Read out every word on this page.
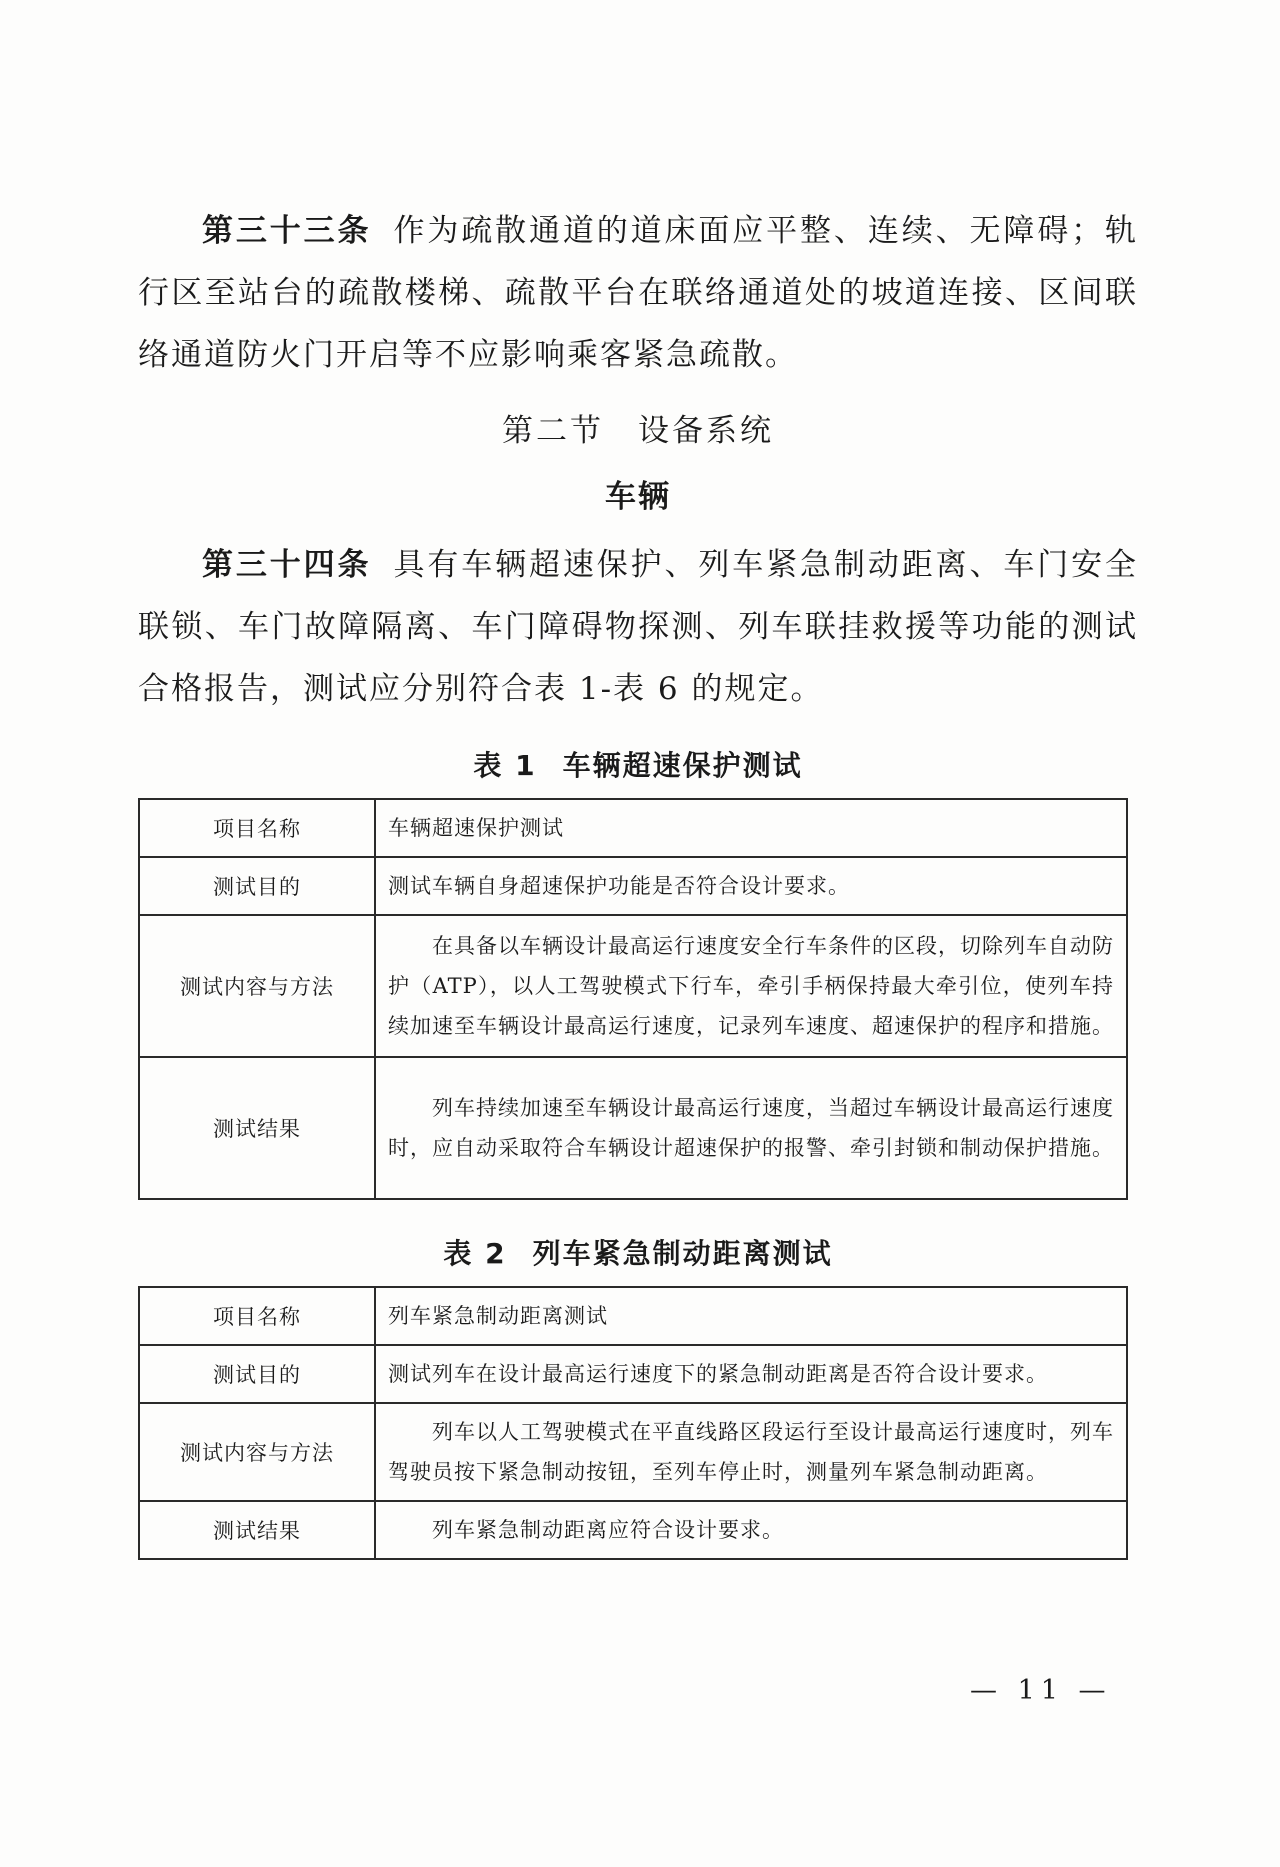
第三十三条 作为疏散通道的道床面应平整、连续、无障碍；轨行区至站台的疏散楼梯、疏散平台在联络通道处的坡道连接、区间联络通道防火门开启等不应影响乘客紧急疏散。

第二节 设备系统
车辆

第三十四条 具有车辆超速保护、列车紧急制动距离、车门安全联锁、车门故障隔离、车门障碍物探测、列车联挂救援等功能的测试合格报告，测试应分别符合表 1-表 6 的规定。

表 1 车辆超速保护测试
项目名称	车辆超速保护测试
测试目的	测试车辆自身超速保护功能是否符合设计要求。
测试内容与方法	在具备以车辆设计最高运行速度安全行车条件的区段，切除列车自动防护（ATP），以人工驾驶模式下行车，牵引手柄保持最大牵引位，使列车持续加速至车辆设计最高运行速度，记录列车速度、超速保护的程序和措施。
测试结果	列车持续加速至车辆设计最高运行速度，当超过车辆设计最高运行速度时，应自动采取符合车辆设计超速保护的报警、牵引封锁和制动保护措施。
表 2 列车紧急制动距离测试
项目名称	列车紧急制动距离测试
测试目的	测试列车在设计最高运行速度下的紧急制动距离是否符合设计要求。
测试内容与方法	列车以人工驾驶模式在平直线路区段运行至设计最高运行速度时，列车驾驶员按下紧急制动按钮，至列车停止时，测量列车紧急制动距离。
测试结果	列车紧急制动距离应符合设计要求。
— 11 —
